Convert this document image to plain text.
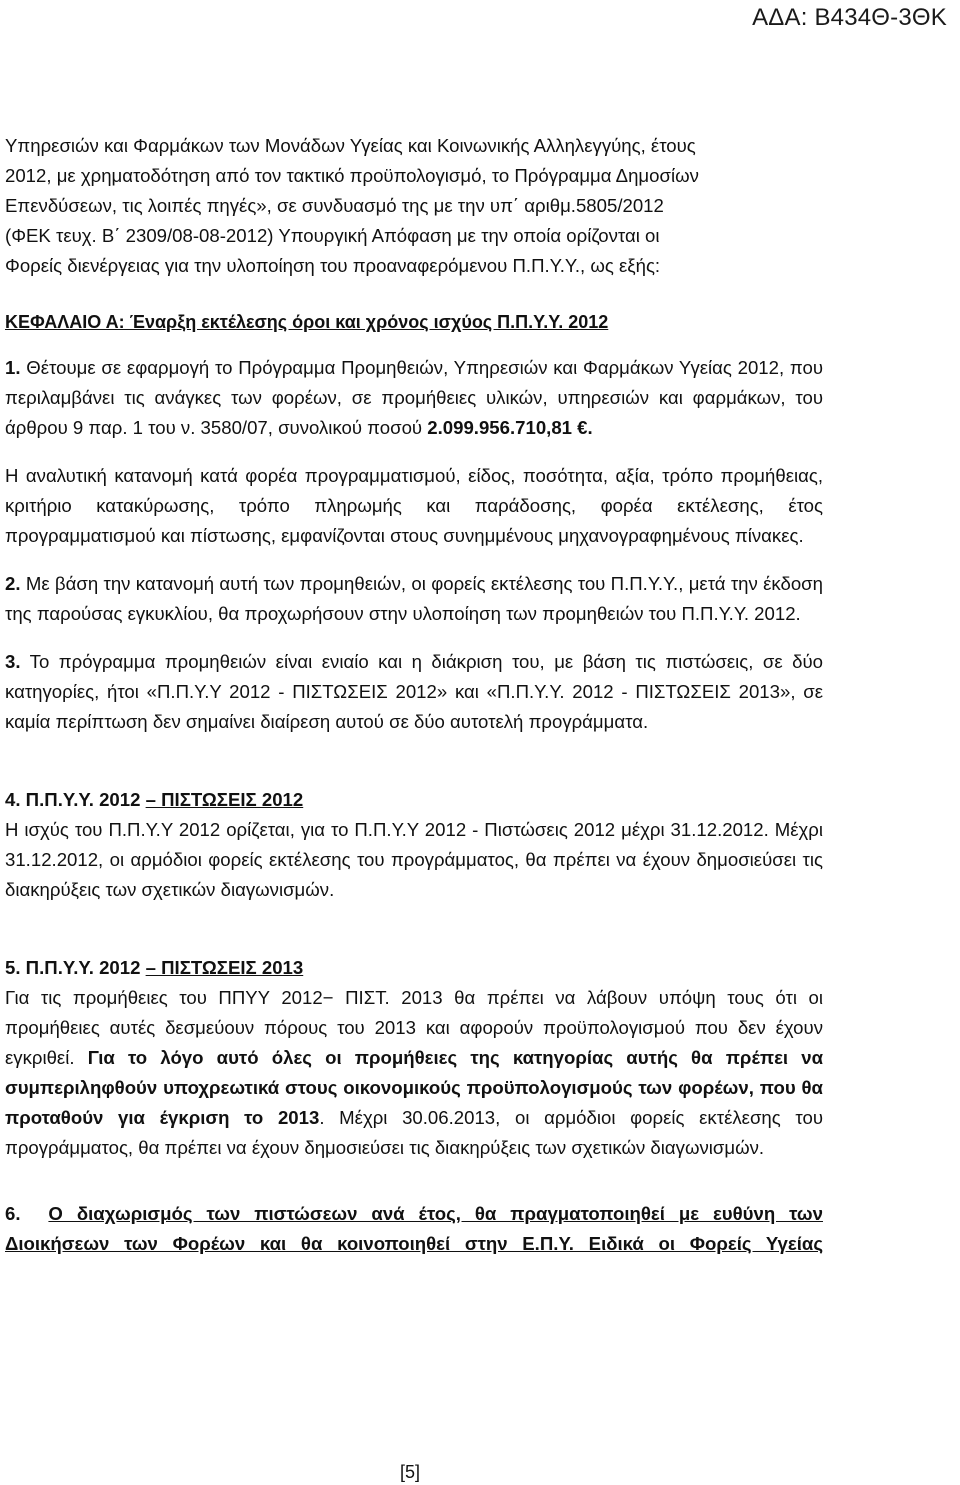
ΑΔΑ: Β434Θ-3ΘΚ

Υπηρεσιών και Φαρμάκων των Μονάδων Υγείας και Κοινωνικής Αλληλεγγύης, έτους
2012, με χρηματοδότηση από τον τακτικό προϋπολογισμό, το Πρόγραμμα Δημοσίων
Επενδύσεων, τις λοιπές πηγές», σε συνδυασμό της με την υπ΄ αριθμ.5805/2012
(ΦΕΚ τευχ. Β΄ 2309/08-08-2012) Υπουργική Απόφαση με την οποία ορίζονται οι
Φορείς διενέργειας για την υλοποίηση του προαναφερόμενου Π.Π.Υ.Υ., ως εξής:

ΚΕΦΑΛΑΙΟ Α: Έναρξη εκτέλεσης όροι και χρόνος ισχύος Π.Π.Υ.Υ. 2012

1. Θέτουμε σε εφαρμογή το Πρόγραμμα Προμηθειών, Υπηρεσιών και Φαρμάκων Υγείας 2012, που περιλαμβάνει τις ανάγκες των φορέων, σε προμήθειες υλικών, υπηρεσιών και φαρμάκων, του άρθρου 9 παρ. 1 του ν. 3580/07, συνολικού ποσού 2.099.956.710,81 €.

Η αναλυτική κατανομή κατά φορέα προγραμματισμού, είδος, ποσότητα, αξία, τρόπο προμήθειας, κριτήριο κατακύρωσης, τρόπο πληρωμής και παράδοσης, φορέα εκτέλεσης, έτος προγραμματισμού και πίστωσης, εμφανίζονται στους συνημμένους μηχανογραφημένους πίνακες.

2. Με βάση την κατανομή αυτή των προμηθειών, οι φορείς εκτέλεσης του Π.Π.Υ.Υ., μετά την έκδοση της παρούσας εγκυκλίου, θα προχωρήσουν στην υλοποίηση των προμηθειών του Π.Π.Υ.Υ. 2012.

3. Το πρόγραμμα προμηθειών είναι ενιαίο και η διάκριση του, με βάση τις πιστώσεις, σε δύο κατηγορίες, ήτοι «Π.Π.Υ.Υ 2012 - ΠΙΣΤΩΣΕΙΣ 2012» και «Π.Π.Υ.Υ. 2012 - ΠΙΣΤΩΣΕΙΣ 2013», σε καμία περίπτωση δεν σημαίνει διαίρεση αυτού σε δύο αυτοτελή προγράμματα.

4. Π.Π.Υ.Υ. 2012 – ΠΙΣΤΩΣΕΙΣ 2012

Η ισχύς του Π.Π.Υ.Υ 2012 ορίζεται, για το Π.Π.Υ.Υ 2012 - Πιστώσεις 2012 μέχρι 31.12.2012. Μέχρι 31.12.2012, οι αρμόδιοι φορείς εκτέλεσης του προγράμματος, θα πρέπει να έχουν δημοσιεύσει τις διακηρύξεις των σχετικών διαγωνισμών.

5. Π.Π.Υ.Υ. 2012 – ΠΙΣΤΩΣΕΙΣ 2013

Για τις προμήθειες του ΠΠΥΥ 2012− ΠΙΣΤ. 2013 θα πρέπει να λάβουν υπόψη τους ότι οι προμήθειες αυτές δεσμεύουν πόρους του 2013 και αφορούν προϋπολογισμού που δεν έχουν εγκριθεί. Για το λόγο αυτό όλες οι προμήθειες της κατηγορίας αυτής θα πρέπει να συμπεριληφθούν υποχρεωτικά στους οικονομικούς προϋπολογισμούς των φορέων, που θα προταθούν για έγκριση το 2013. Μέχρι 30.06.2013, οι αρμόδιοι φορείς εκτέλεσης του προγράμματος, θα πρέπει να έχουν δημοσιεύσει τις διακηρύξεις των σχετικών διαγωνισμών.

6. Ο διαχωρισμός των πιστώσεων ανά έτος, θα πραγματοποιηθεί με ευθύνη των Διοικήσεων των Φορέων και θα κοινοποιηθεί στην Ε.Π.Υ. Ειδικά οι Φορείς Υγείας

[5]
